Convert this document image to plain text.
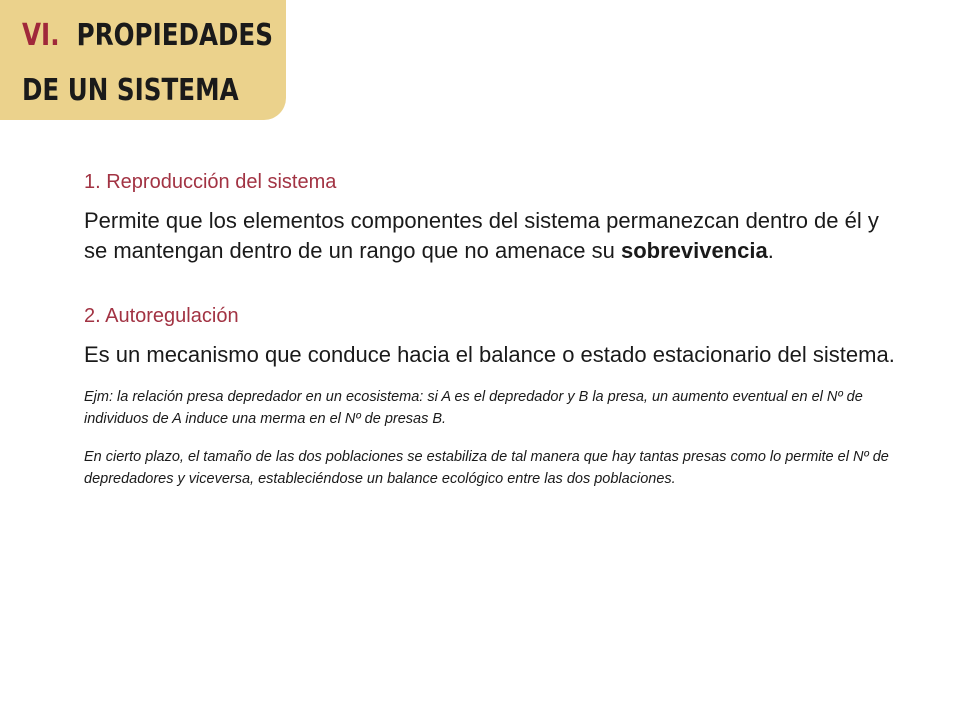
VI. PROPIEDADES
DE UN SISTEMA
1. Reproducción del sistema

Permite que los elementos componentes del sistema permanezcan dentro de él y se mantengan dentro de un rango que no amenace su sobrevivencia.

2. Autoregulación

Es un mecanismo que conduce hacia el balance o estado estacionario del sistema.

Ejm: la relación presa depredador en un ecosistema: si A es el depredador y B la presa, un aumento eventual en el Nº de individuos de A induce una merma en el Nº de presas B.

En cierto plazo, el tamaño de las dos poblaciones se estabiliza de tal manera que hay tantas presas como lo permite el Nº de depredadores y viceversa, estableciéndose un balance ecológico entre las dos poblaciones.
